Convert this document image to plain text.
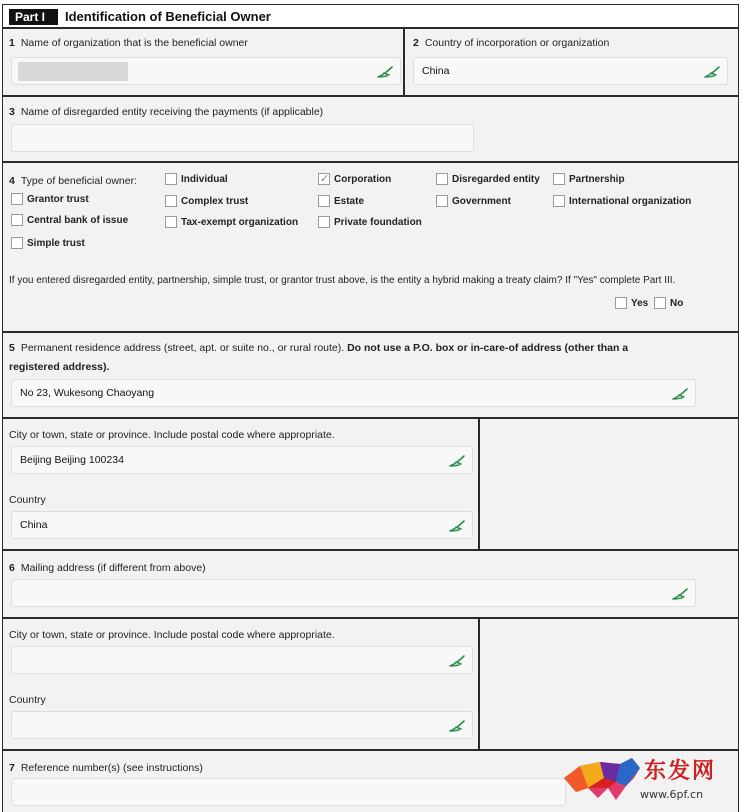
Part I	Identification of Beneficial Owner
1 Name of organization that is the beneficial owner	2 Country of incorporation or organization
China
3 Name of disregarded entity receiving the payments (if applicable)
4 Type of beneficial owner:	Individual
✓	Corporation	Disregarded entity	Partnership
Grantor trust	Complex trust	Estate	Government	International organization
Central bank of issue	Tax-exempt organization	Private foundation
Simple trust
If you entered disregarded entity, partnership, simple trust, or grantor trust above, is the entity a hybrid making a treaty claim? If "Yes" complete Part III.
Yes No
5 Permanent residence address (street, apt. or suite no., or rural route). Do not use a P.O. box or in-care-of address (other than a
registered address).
No 23, Wukesong Chaoyang
City or town, state or province. Include postal code where appropriate.
Beijing Beijing 100234
Country
China
6 Mailing address (if different from above)
City or town, state or province. Include postal code where appropriate.
Country
7 Reference number(s) (see instructions)	东发网
www.6pf.cn
